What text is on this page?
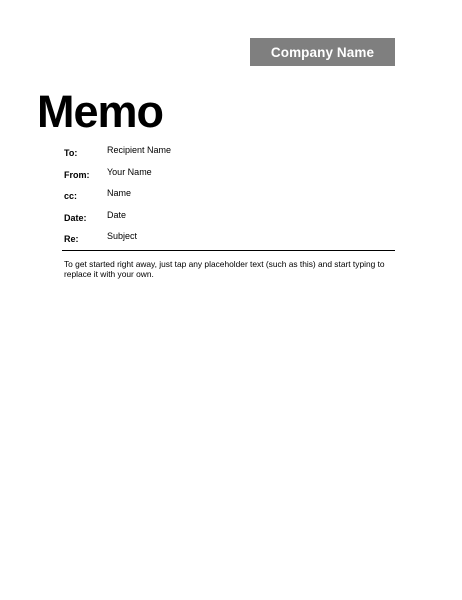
Company Name
Memo
To:	Recipient Name
From:	Your Name
cc:	Name
Date:	Date
Re:	Subject

To get started right away, just tap any placeholder text (such as this) and start typing to replace it with your own.
